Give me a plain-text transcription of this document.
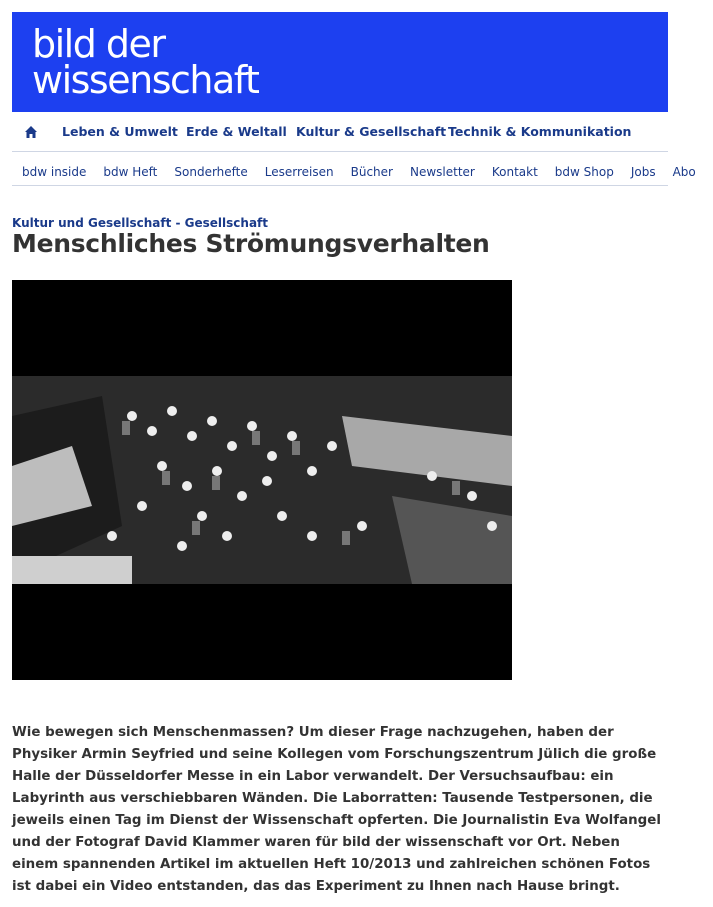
bild der
wissenschaft
Leben & Umwelt Erde & Weltall Kultur & Gesellschaft Technik & Kommunikation
bdw inside bdw Heft Sonderhefte Leserreisen Bücher Newsletter Kontakt bdw Shop Jobs Abo
Kultur und Gesellschaft - Gesellschaft
Menschliches Strömungsverhalten
Wie bewegen sich Menschenmassen? Um dieser Frage nachzugehen, haben der Physiker Armin Seyfried und seine Kollegen vom Forschungszentrum Jülich die große Halle der Düsseldorfer Messe in ein Labor verwandelt. Der Versuchsaufbau: ein Labyrinth aus verschiebbaren Wänden. Die Laborratten: Tausende Testpersonen, die jeweils einen Tag im Dienst der Wissenschaft opferten. Die Journalistin Eva Wolfangel und der Fotograf David Klammer waren für bild der wissenschaft vor Ort. Neben einem spannenden Artikel im aktuellen Heft 10/2013 und zahlreichen schönen Fotos ist dabei ein Video entstanden, das das Experiment zu Ihnen nach Hause bringt.
